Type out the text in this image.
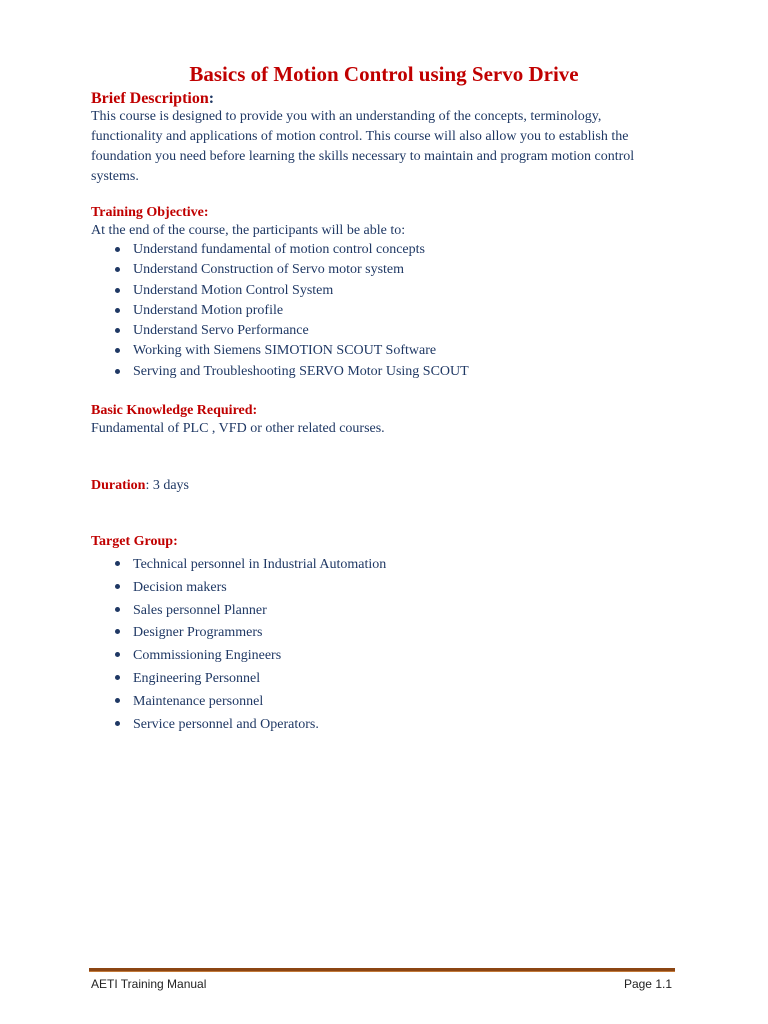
Basics of Motion Control using Servo Drive
Brief Description:
This course is designed to provide you with an understanding of the concepts, terminology, functionality and applications of motion control. This course will also allow you to establish the foundation you need before learning the skills necessary to maintain and program motion control systems.
Training Objective:
At the end of the course, the participants will be able to:
Understand fundamental of motion control concepts
Understand Construction of Servo motor system
Understand Motion Control System
Understand Motion profile
Understand Servo Performance
Working with Siemens SIMOTION SCOUT Software
Serving and Troubleshooting SERVO Motor Using SCOUT
Basic Knowledge Required:
Fundamental of PLC , VFD or other related courses.
Duration: 3 days
Target Group:
Technical personnel in Industrial Automation
Decision makers
Sales personnel Planner
Designer Programmers
Commissioning Engineers
Engineering Personnel
Maintenance personnel
Service personnel and Operators.
AETI Training Manual	Page 1.1
